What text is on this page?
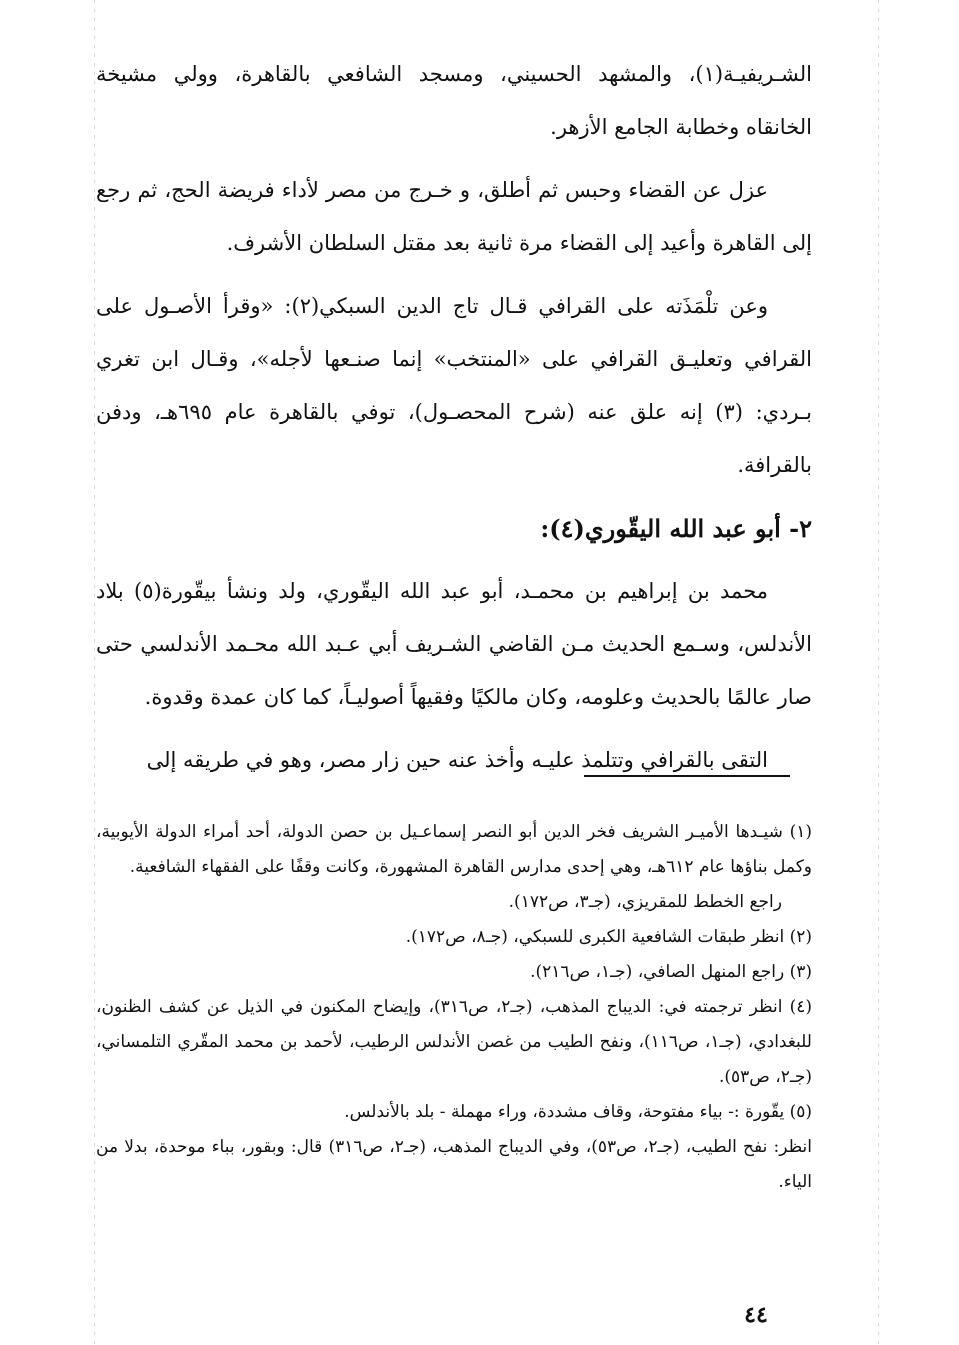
الشـريفيـة(١)، والمشهد الحسيني، ومسجد الشافعي بالقاهرة، وولي مشيخة الخانقاه وخطابة الجامع الأزهر.

عزل عن القضاء وحبس ثم أطلق، و خـرج من مصر لأداء فريضة الحج، ثم رجع إلى القاهرة وأعيد إلى القضاء مرة ثانية بعد مقتل السلطان الأشرف.

وعن تلْمَذَته على القرافي قـال تاج الدين السبكي(٢): «وقرأ الأصـول على القرافي وتعليـق القرافي على «المنتخب» إنما صنـعها لأجله»، وقـال ابن تغري بـردي: (٣) إنه علق عنه (شرح المحصـول)، توفي بالقاهرة عام ٦٩٥هـ، ودفن بالقرافة.

٢- أبو عبد الله اليقّوري(٤):

محمد بن إبراهيم بن محمـد، أبو عبد الله اليقّوري، ولد ونشأ بيقّورة(٥) بلاد الأندلس، وسـمع الحديث مـن القاضي الشـريف أبي عـبد الله محـمد الأندلسي حتى صار عالمًا بالحديث وعلومه، وكان مالكيًا وفقيهاً أصوليـاً، كما كان عمدة وقدوة.

التقى بالقرافي وتتلمذ عليـه وأخذ عنه حين زار مصر، وهو في طريقه إلى

(١) شيـدها الأميـر الشريف فخر الدين أبو النصر إسماعـيل بن حصن الدولة، أحد أمراء الدولة الأيوبية، وكمل بناؤها عام ٦١٢هـ، وهي إحدى مدارس القاهرة المشهورة، وكانت وقفًا على الفقهاء الشافعية.

راجع الخطط للمقريزي، (جـ٣، ص١٧٢).

(٢) انظر طبقات الشافعية الكبرى للسبكي، (جـ٨، ص١٧٢).

(٣) راجع المنهل الصافي، (جـ١، ص٢١٦).

(٤) انظر ترجمته في: الديباج المذهب، (جـ٢، ص٣١٦)، وإيضاح المكنون في الذيل عن كشف الظنون، للبغدادي، (جـ١، ص١١٦)، ونفح الطيب من غصن الأندلس الرطيب، لأحمد بن محمد المقّري التلمساني، (جـ٢، ص٥٣).

(٥) يقّورة :- بياء مفتوحة، وقاف مشددة، وراء مهملة - بلد بالأندلس.

انظر: نفح الطيب، (جـ٢، ص٥٣)، وفي الديباج المذهب، (جـ٢، ص٣١٦) قال: وبقور، بباء موحدة، بدلا من الياء.

٤٤
